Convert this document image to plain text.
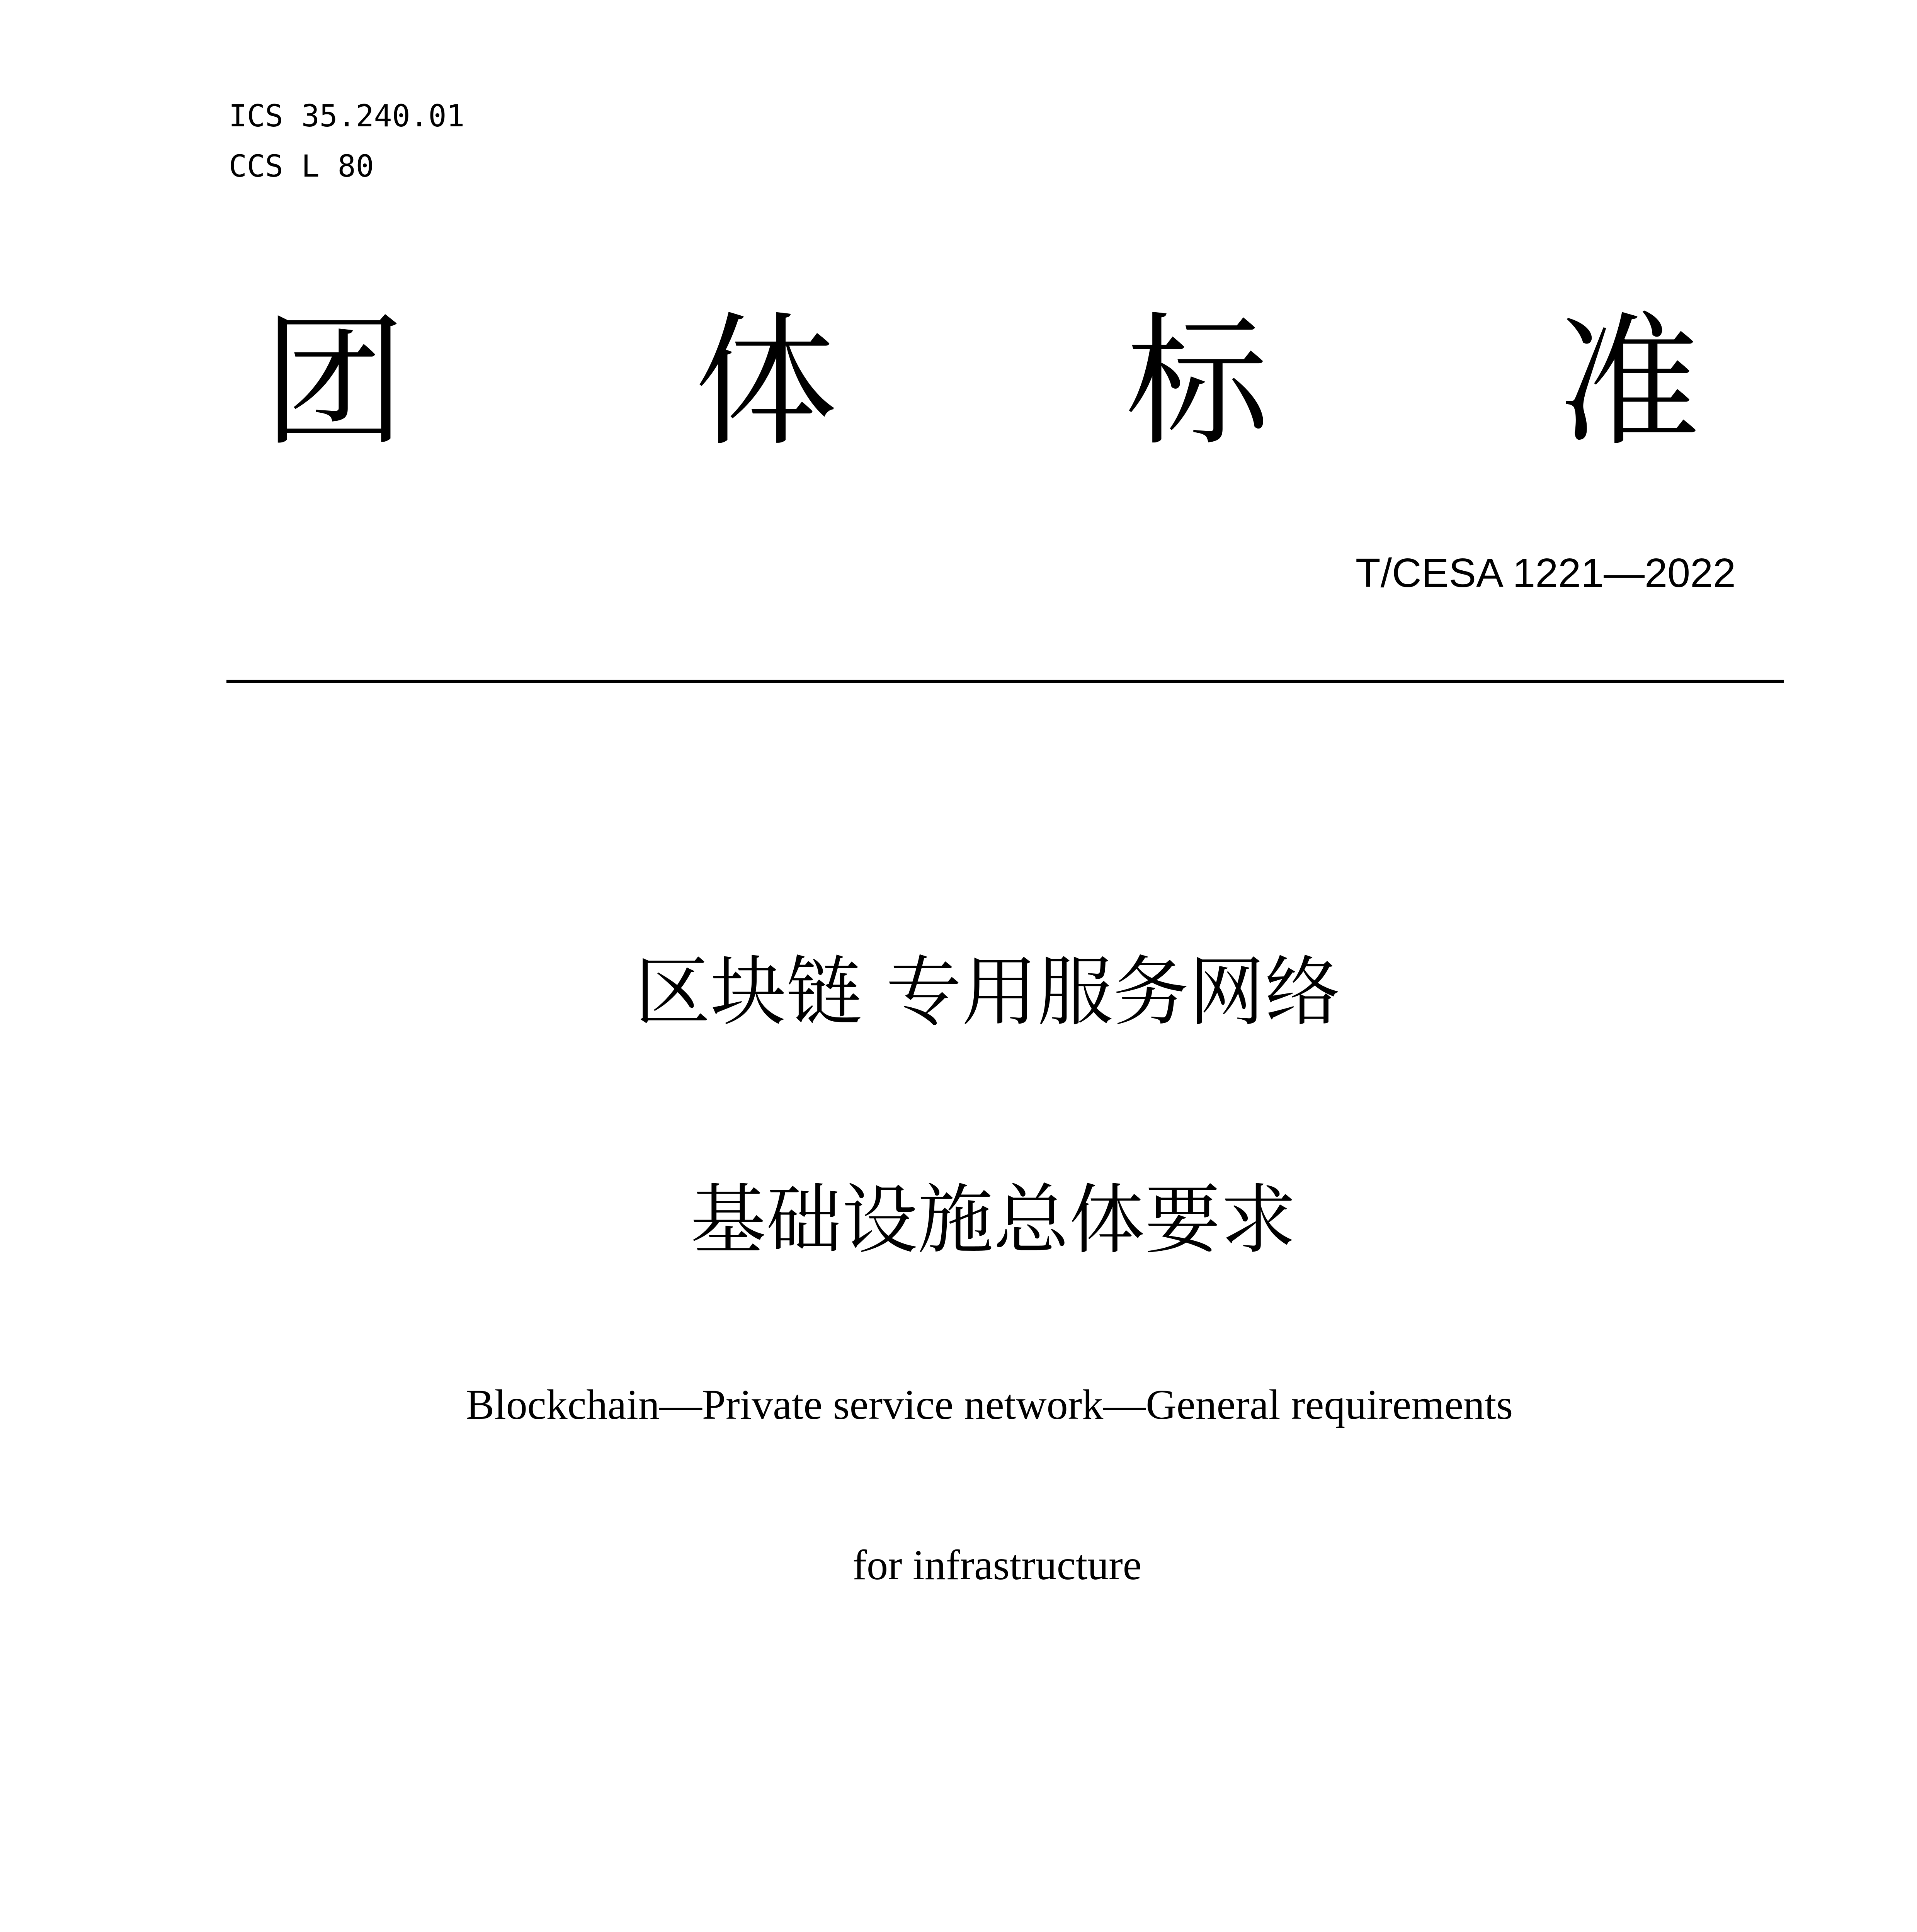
ICS 35.240.01
CCS L 80
团 体 标 准
T/CESA 1221—2022
区块链 专用服务网络
基础设施总体要求
Blockchain—Private service network—General requirements
for infrastructure
